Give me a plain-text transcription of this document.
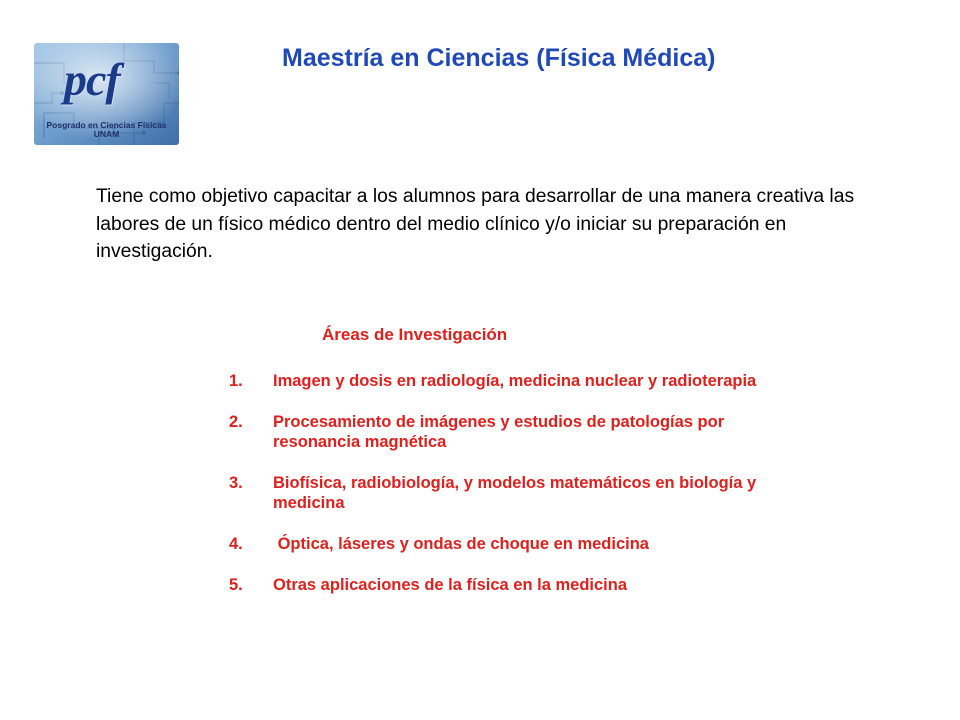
pcf
Posgrado en Ciencias Físicas
UNAM
Maestría en Ciencias (Física Médica)

Tiene como objetivo capacitar a los alumnos para desarrollar de una manera creativa las labores de un físico médico dentro del medio clínico y/o iniciar su preparación en investigación.

Áreas de Investigación
1. Imagen y dosis en radiología, medicina nuclear y radioterapia
2. Procesamiento de imágenes y estudios de patologías por resonancia magnética
3. Biofísica, radiobiología, y modelos matemáticos en biología y medicina
4. Óptica, láseres y ondas de choque en medicina
5. Otras aplicaciones de la física en la medicina
